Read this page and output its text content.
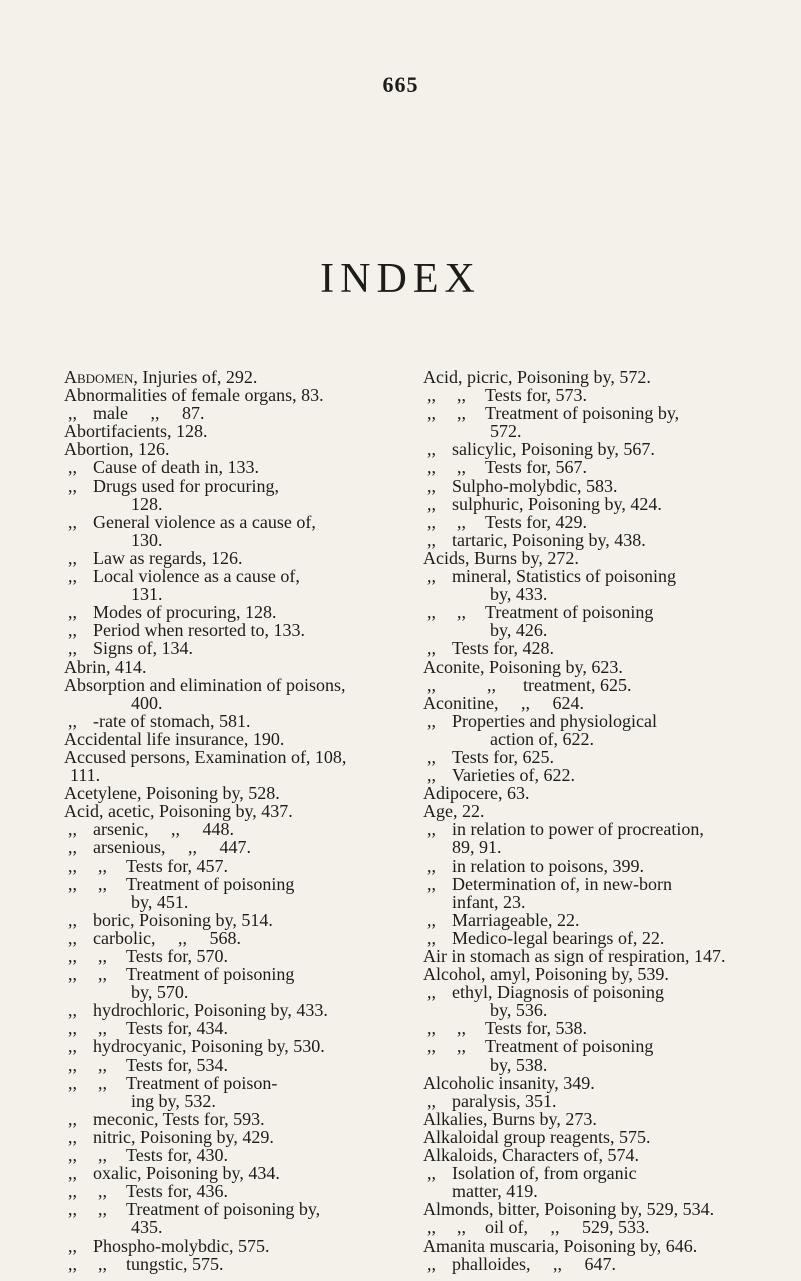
665
INDEX
Abdomen, Injuries of, 292.
Abnormalities of female organs, 83.
,, male     ,,     87.
Abortifacients, 128.
Abortion, 126.
,, Cause of death in, 133.
,, Drugs used for procuring,
128.
,, General violence as a cause of,
130.
,, Law as regards, 126.
,, Local violence as a cause of,
131.
,, Modes of procuring, 128.
,, Period when resorted to, 133.
,, Signs of, 134.
Abrin, 414.
Absorption and elimination of poisons,
400.
,, -rate of stomach, 581.
Accidental life insurance, 190.
Accused persons, Examination of, 108,
111.
Acetylene, Poisoning by, 528.
Acid, acetic, Poisoning by, 437.
,, arsenic,     ,,     448.
,, arsenious,     ,,     447.
,, ,, Tests for, 457.
,, ,, Treatment of poisoning
by, 451.
,, boric, Poisoning by, 514.
,, carbolic,     ,,     568.
,, ,, Tests for, 570.
,, ,, Treatment of poisoning
by, 570.
,, hydrochloric, Poisoning by, 433.
,, ,, Tests for, 434.
,, hydrocyanic, Poisoning by, 530.
,, ,, Tests for, 534.
,, ,, Treatment of poison-
ing by, 532.
,, meconic, Tests for, 593.
,, nitric, Poisoning by, 429.
,, ,, Tests for, 430.
,, oxalic, Poisoning by, 434.
,, ,, Tests for, 436.
,, ,, Treatment of poisoning by,
435.
,, Phospho-molybdic, 575.
,, ,, tungstic, 575.
Acid, picric, Poisoning by, 572.
,, ,, Tests for, 573.
,, ,, Treatment of poisoning by,
572.
,, salicylic, Poisoning by, 567.
,, ,, Tests for, 567.
,, Sulpho-molybdic, 583.
,, sulphuric, Poisoning by, 424.
,, ,, Tests for, 429.
,, tartaric, Poisoning by, 438.
Acids, Burns by, 272.
,, mineral, Statistics of poisoning
by, 433.
,, ,, Treatment of poisoning
by, 426.
,, Tests for, 428.
Aconite, Poisoning by, 623.
,,	,, treatment, 625.
Aconitine,     ,,     624.
,, Properties and physiological
action of, 622.
,, Tests for, 625.
,, Varieties of, 622.
Adipocere, 63.
Age, 22.
,, in relation to power of procreation,
89, 91.
,, in relation to poisons, 399.
,, Determination of, in new-born
infant, 23.
,, Marriageable, 22.
,, Medico-legal bearings of, 22.
Air in stomach as sign of respiration, 147.
Alcohol, amyl, Poisoning by, 539.
,, ethyl, Diagnosis of poisoning
by, 536.
,, ,, Tests for, 538.
,, ,, Treatment of poisoning
by, 538.
Alcoholic insanity, 349.
,, paralysis, 351.
Alkalies, Burns by, 273.
Alkaloidal group reagents, 575.
Alkaloids, Characters of, 574.
,, Isolation of, from organic
matter, 419.
Almonds, bitter, Poisoning by, 529, 534.
,, ,, oil of,     ,,     529, 533.
Amanita muscaria, Poisoning by, 646.
,, phalloides,     ,,     647.
